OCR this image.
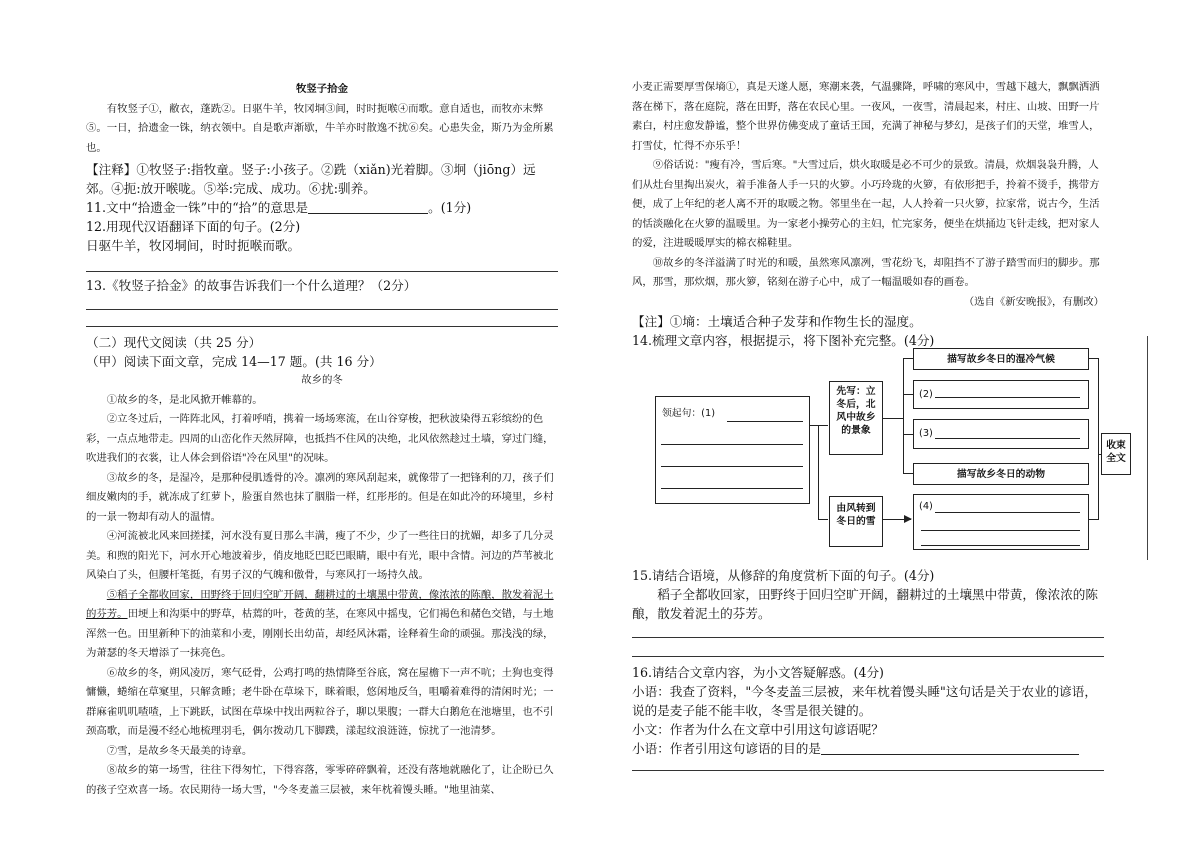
牧竖子拾金

有牧竖子①，敝衣，蓬跣②。日驱牛羊，牧冈垌③间，时时扼喉④而歌。意自适也，而牧亦末弊⑤。一日，拾遗金一铢，纳衣领中。自是歌声渐歇，牛羊亦时散逸不扰⑥矣。心患失金，斯乃为金所累也。

【注释】①牧竖子:指牧童。竖子:小孩子。②跣（xiǎn)光着脚。③坰（jiōng）远郊。④扼:放开喉咙。⑤举:完成、成功。⑥扰:驯养。

11.文中“拾遗金一铢”中的“拾”的意思是	。(1分)

12.用现代汉语翻译下面的句子。(2分)

日驱牛羊，牧冈垌间，时时扼喉而歌。

13.《牧竖子拾金》的故事告诉我们一个什么道理？（2分）

（二）现代文阅读（共 25 分）

（甲）阅读下面文章，完成 14—17 题。(共 16 分）

故乡的冬

①故乡的冬，是北风掀开帷幕的。

②立冬过后，一阵阵北风，打着呼哨，携着一场场寒流，在山谷穿梭，把秋波染得五彩缤纷的色彩，一点点地带走。四周的山峦化作天然屏障，也抵挡不住风的决绝，北风依然趁过土墙，穿过门缝，吹进我们的衣裳，让人体会到俗语"冷在风里"的况味。

③故乡的冬，是湿冷，是那种侵肌透骨的冷。凛冽的寒风刮起来，就像带了一把锋利的刀，孩子们细皮嫩肉的手，就冻成了红萝卜，脸蛋自然也抹了胭脂一样，红彤彤的。但是在如此冷的环境里，乡村的一景一物却有动人的温情。

④河流被北风来回搓揉，河水没有夏日那么丰满，瘦了不少，少了一些往日的扰媚，却多了几分灵美。和煦的阳光下，河水开心地波着步，俏皮地眨巴眨巴眼睛，眼中有光，眼中含情。河边的芦苇被北风染白了头，但腰杆笔挺，有男子汉的气魄和傲骨，与寒风打一场持久战。

⑤稻子全都收回家，田野终于回归空旷开阔，翻耕过的土壤黑中带黄，像浓浓的陈酿，散发着泥土的芬芳。田埂上和沟渠中的野草，枯蔫的叶，苍黄的茎，在寒风中摇曳，它们褐色和赭色交错，与土地浑然一色。田里新种下的油菜和小麦，刚刚长出幼苗，却经风沐霜，诠释着生命的顽强。那浅浅的绿，为萧瑟的冬天增添了一抹亮色。

⑥故乡的冬，朔风凌厉，寒气砭骨，公鸡打鸣的热情降至谷底，窝在屋檐下一声不吭；土狗也变得慵懒，蜷缩在草窠里，只解贪睡；老牛卧在草垛下，眯着眼，悠闲地反刍，咀嚼着难得的清闲时光；一群麻雀叽叽喳喳，上下跳跃，试图在草垛中找出两粒谷子，聊以果腹；一群大白鹅危在池塘里，也不引颈高歌，而是漫不经心地梳理羽毛，偶尔拨动几下脚蹼，漾起纹浪涟涟，惊扰了一池清梦。

⑦雪，是故乡冬天最美的诗章。

⑧故乡的第一场雪，往往下得匆忙，下得容落，零零碎碎飘着，还没有落地就融化了，让企盼已久的孩子空欢喜一场。农民期待一场大雪，"今冬麦盖三层被，来年枕着馒头睡。"地里油菜、

小麦正需要厚雪保墒①，真是天遂人愿，寒潮来袭，气温骤降，呼啸的寒风中，雪越下越大，飘飘洒洒落在梯下，落在庭院，落在田野，落在农民心里。一夜风，一夜雪，清晨起来，村庄、山坡、田野一片素白，村庄愈发静谧，整个世界仿佛变成了童话王国，充满了神秘与梦幻，是孩子们的天堂，堆雪人，打雪仗，忙得不亦乐乎！

⑨俗话说："瘦有冷，雪后寒。"大雪过后，烘火取暖是必不可少的景致。清晨，炊烟袅袅升腾，人们从灶台里掏出炭火，着手准备人手一只的火箩。小巧玲珑的火箩，有依形把手，拎着不烫手，携带方便，成了上年纪的老人离不开的取暖之物。邻里坐在一起，人人拎着一只火箩，拉家常，说古今，生活的恬淡融化在火箩的温暖里。为一家老小操劳心的主妇，忙完家务，便坐在烘捅边飞针走线，把对家人的爱，注进暖暖厚实的棉衣棉鞋里。

⑩故乡的冬洋溢满了时光的和暖，虽然寒风凛冽，雪花纷飞，却阻挡不了游子踏雪而归的脚步。那风，那雪，那炊烟，那火箩，铭刻在游子心中，成了一幅温暖如春的画卷。

（选自《新安晚报》，有删改）

【注】①墒：土壤适合种子发芽和作物生长的湿度。

14.梳理文章内容，根据提示，将下图补充完整。(4分)

领起句：(1)
先写：立冬后，北风中故乡的景象
描写故乡冬日的湿冷气候
(2)
(3)
描写故乡冬日的动物
由风转到冬日的雪
(4)
收束全文

15.请结合语境，从修辞的角度赏析下面的句子。(4分)

稻子全都收回家，田野终于回归空旷开阔，翻耕过的土壤黑中带黄，像浓浓的陈酿，散发着泥土的芬芳。

16.请结合文章内容，为小文答疑解惑。(4分)

小语：我查了资料，"今冬麦盖三层被，来年枕着馒头睡"这句话是关于农业的谚语，说的是麦子能不能丰收，冬雪是很关键的。

小文：作者为什么在文章中引用这句谚语呢？

小语：作者引用这句谚语的目的是
